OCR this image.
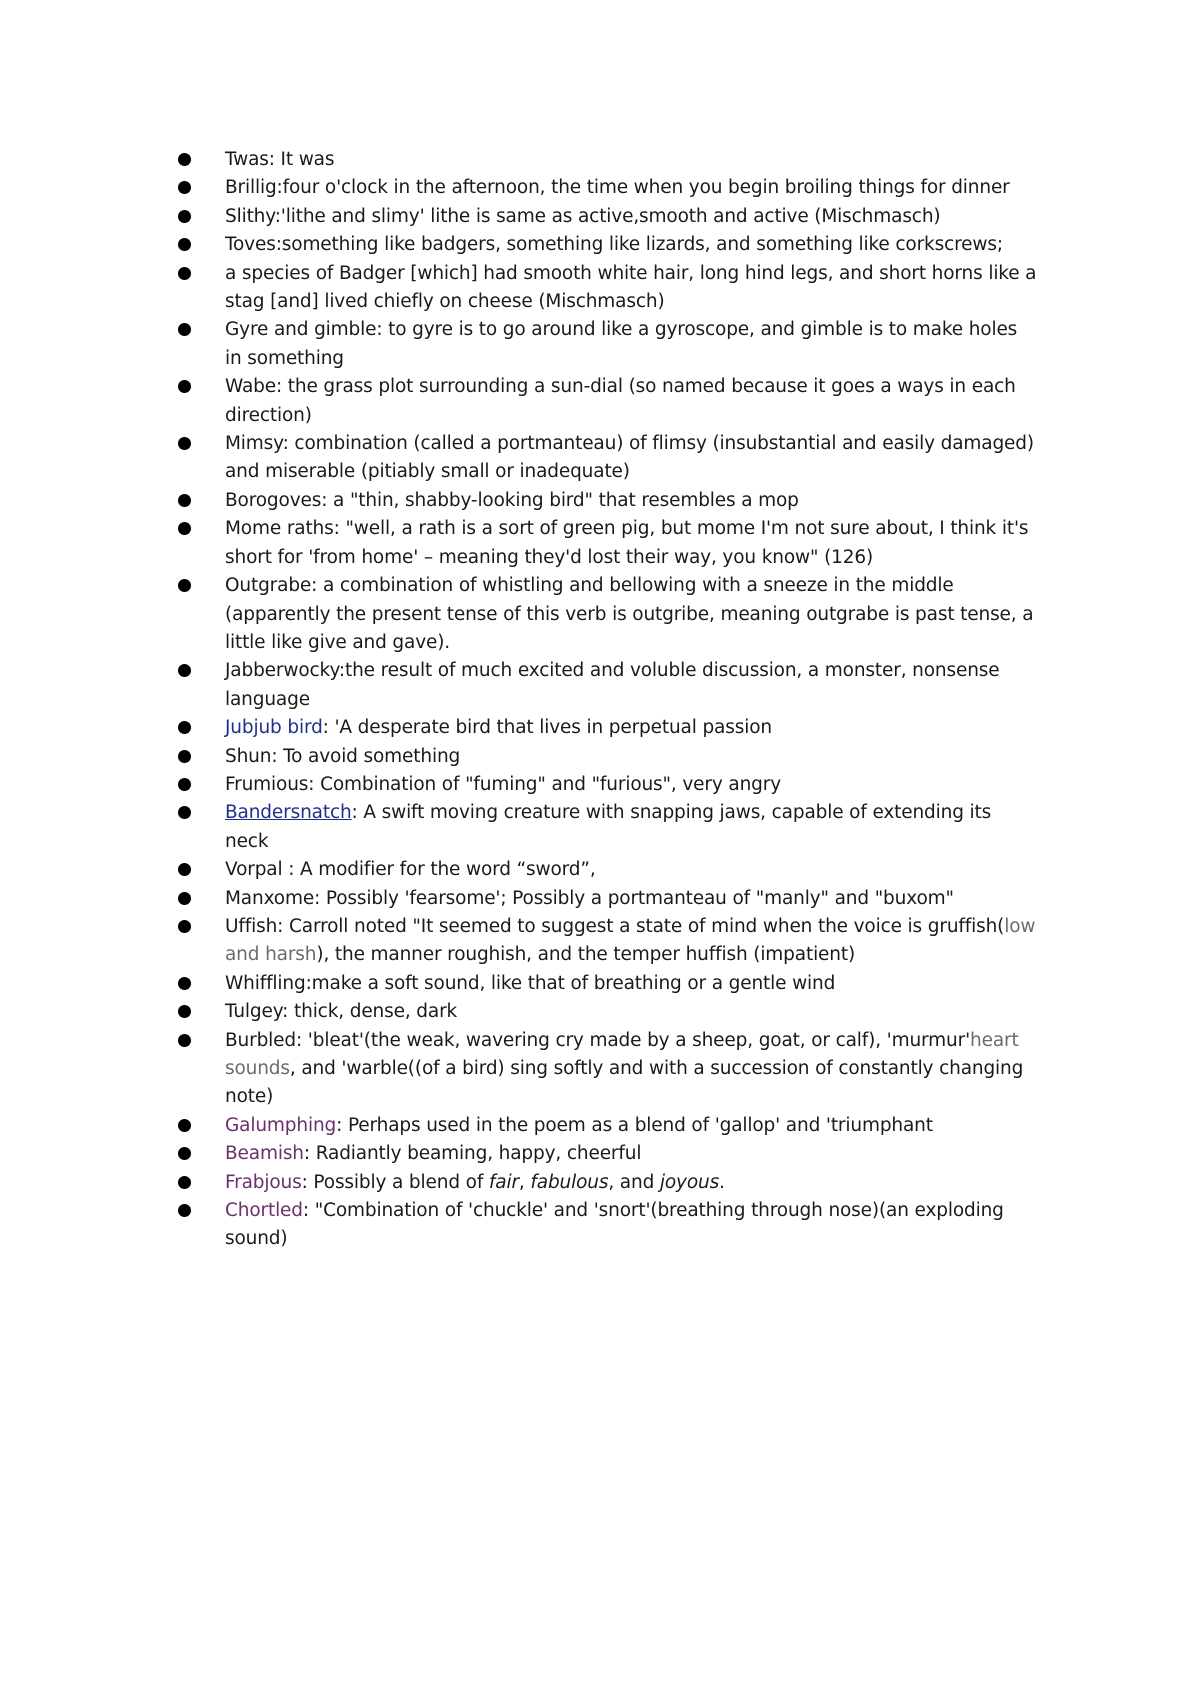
Twas: It was
Brillig:four o'clock in the afternoon, the time when you begin broiling things for dinner
Slithy:'lithe and slimy' lithe is same as active,smooth and active (Mischmasch)
Toves:something like badgers, something like lizards, and something like corkscrews;
a species of Badger [which] had smooth white hair, long hind legs, and short horns like a stag [and] lived chiefly on cheese (Mischmasch)
Gyre and gimble: to gyre is to go around like a gyroscope, and gimble is to make holes in something
Wabe: the grass plot surrounding a sun-dial (so named because it goes a ways in each direction)
Mimsy: combination (called a portmanteau) of flimsy (insubstantial and easily damaged) and miserable (pitiably small or inadequate)
Borogoves: a "thin, shabby-looking bird" that resembles a mop
Mome raths: "well, a rath is a sort of green pig, but mome I'm not sure about, I think it's short for 'from home' – meaning they'd lost their way, you know" (126)
Outgrabe: a combination of whistling and bellowing with a sneeze in the middle (apparently the present tense of this verb is outgribe, meaning outgrabe is past tense, a little like give and gave).
Jabberwocky:the result of much excited and voluble discussion, a monster, nonsense language
Jubjub bird: 'A desperate bird that lives in perpetual passion
Shun: To avoid something
Frumious: Combination of "fuming" and "furious", very angry
Bandersnatch: A swift moving creature with snapping jaws, capable of extending its neck
Vorpal : A modifier for the word “sword”,
Manxome: Possibly 'fearsome'; Possibly a portmanteau of "manly" and "buxom"
Uffish: Carroll noted "It seemed to suggest a state of mind when the voice is gruffish(low and harsh), the manner roughish, and the temper huffish (impatient)
Whiffling:make a soft sound, like that of breathing or a gentle wind
Tulgey: thick, dense, dark
Burbled: 'bleat'(the weak, wavering cry made by a sheep, goat, or calf), 'murmur'heart sounds, and 'warble((of a bird) sing softly and with a succession of constantly changing note)
Galumphing: Perhaps used in the poem as a blend of 'gallop' and 'triumphant
Beamish: Radiantly beaming, happy, cheerful
Frabjous: Possibly a blend of fair, fabulous, and joyous.
Chortled: "Combination of 'chuckle' and 'snort'(breathing through nose)(an exploding sound)
